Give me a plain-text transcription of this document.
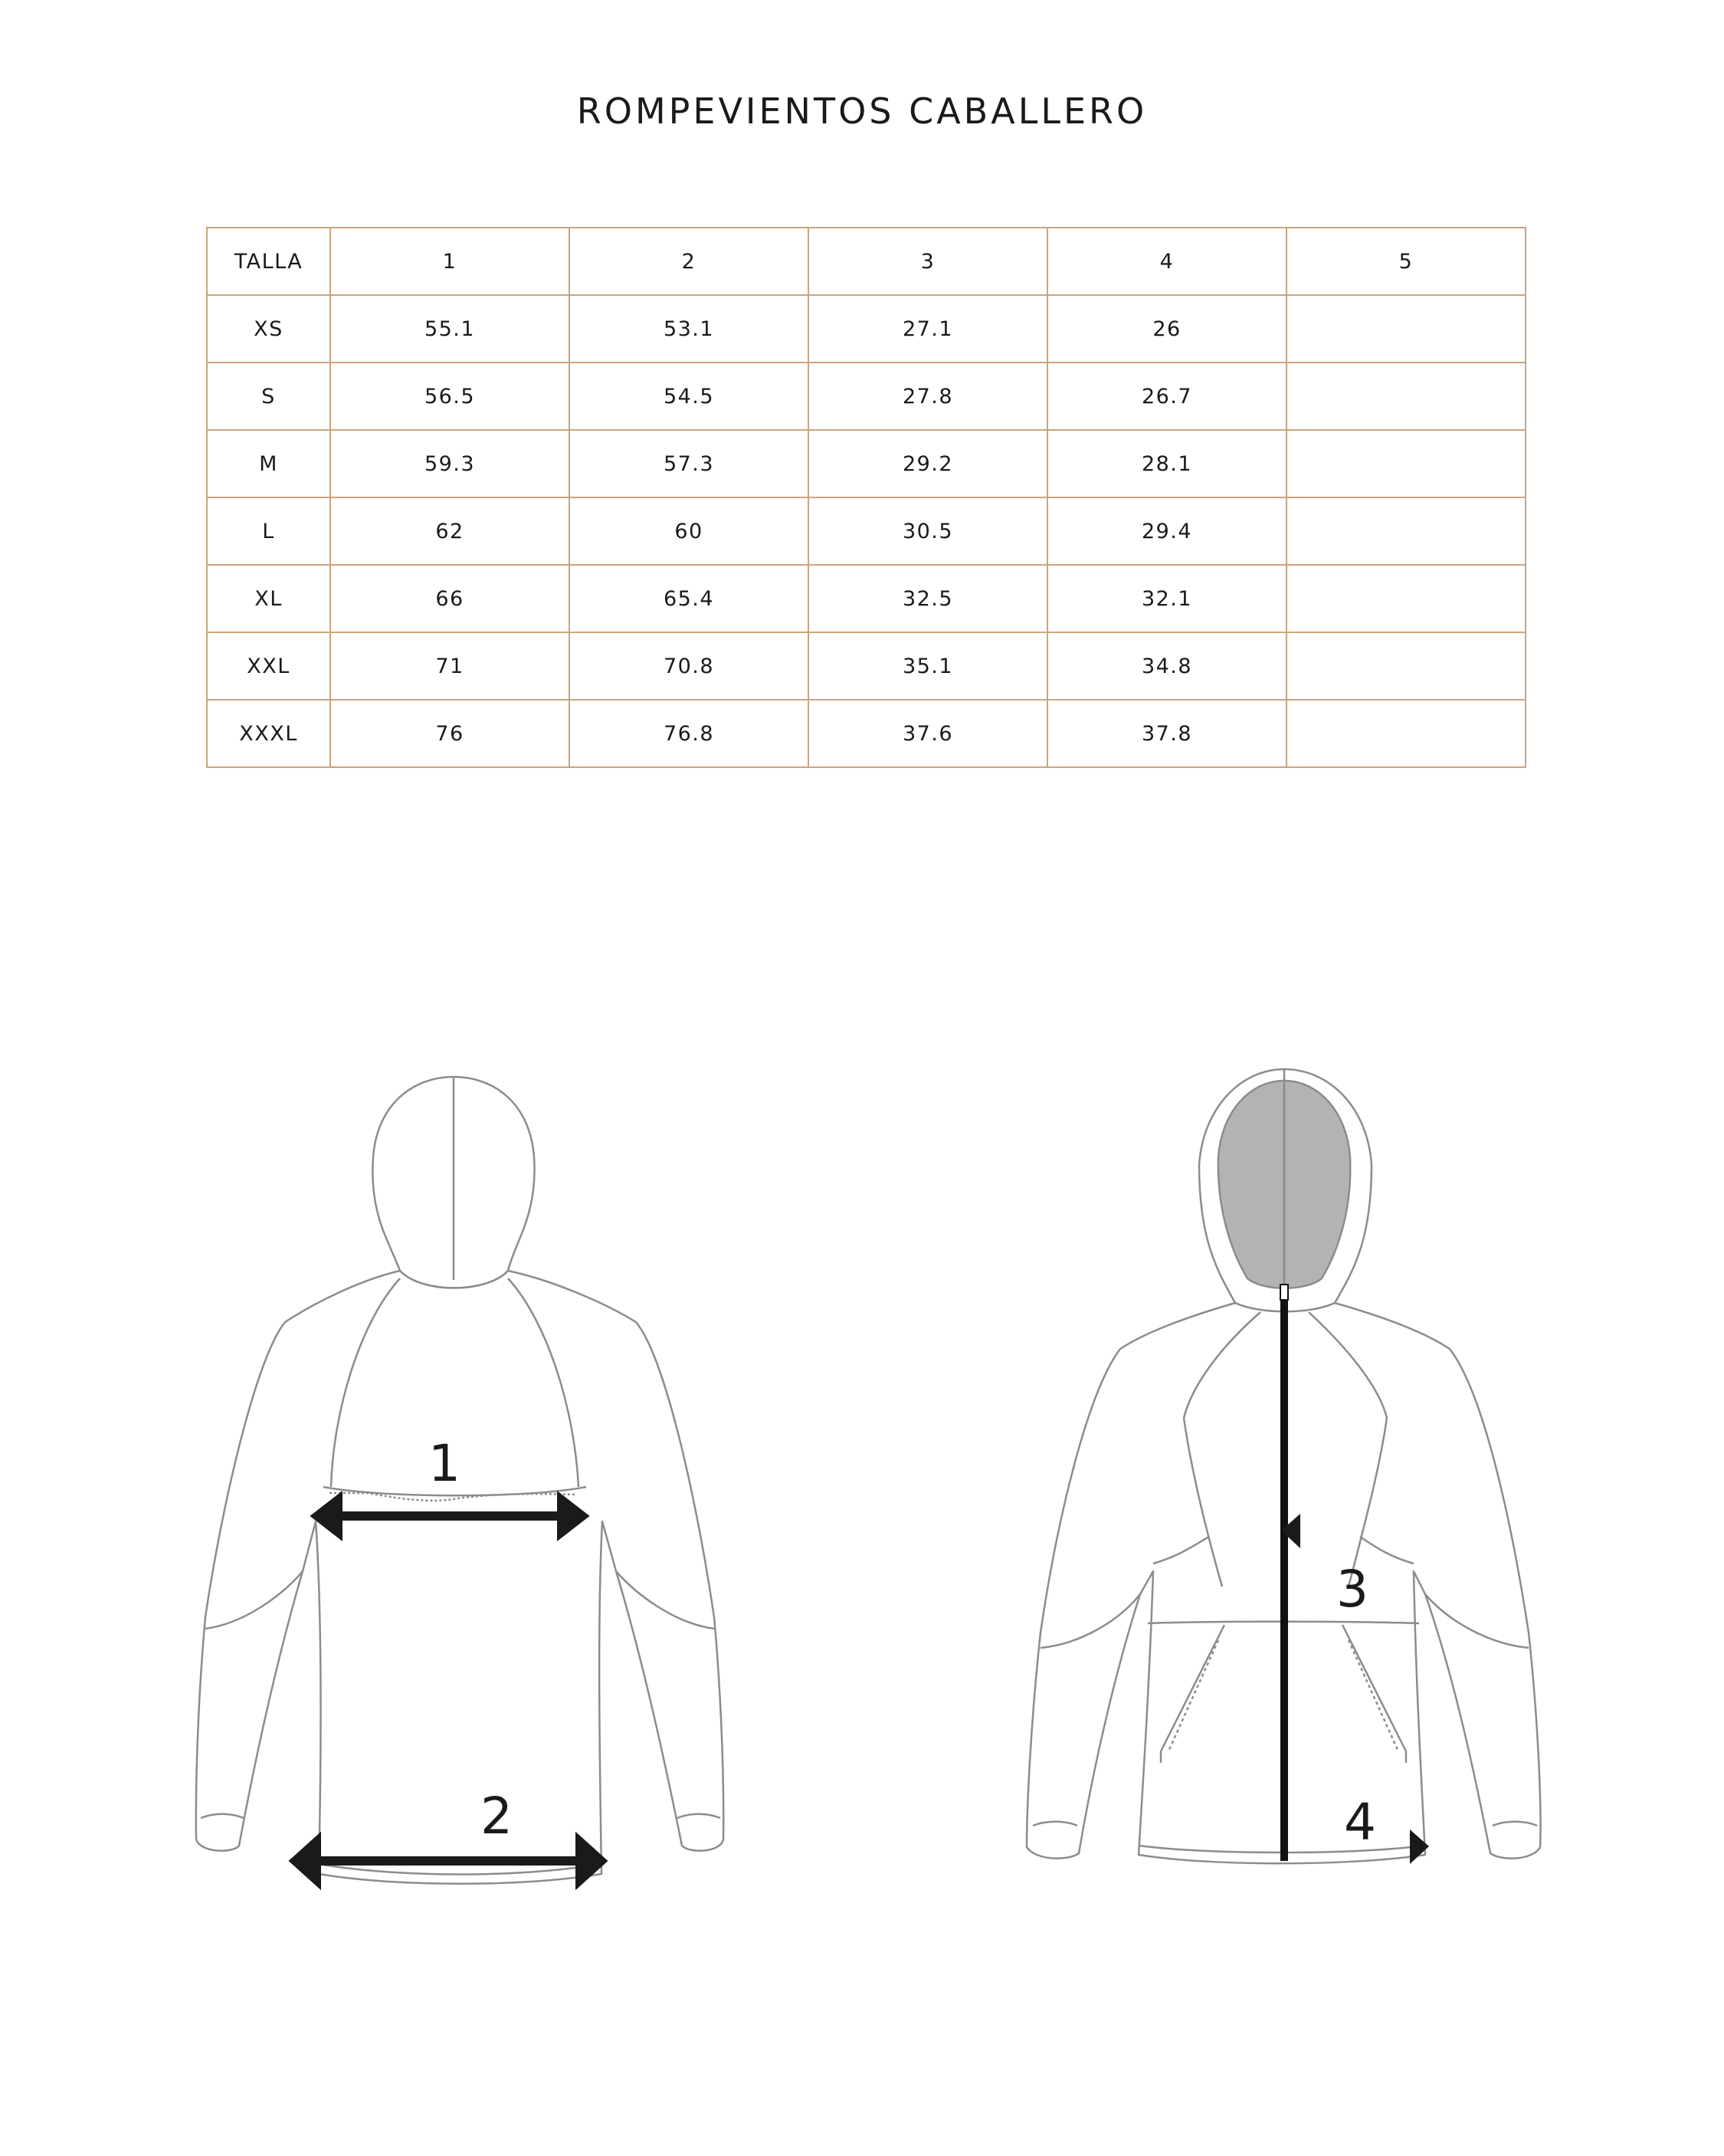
ROMPEVIENTOS CABALLERO
TALLA	1	2	3	4	5
XS	55.1	53.1	27.1	26	
S	56.5	54.5	27.8	26.7	
M	59.3	57.3	29.2	28.1	
L	62	60	30.5	29.4	
XL	66	65.4	32.5	32.1	
XXL	71	70.8	35.1	34.8	
XXXL	76	76.8	37.6	37.8	
1
2
3
4
